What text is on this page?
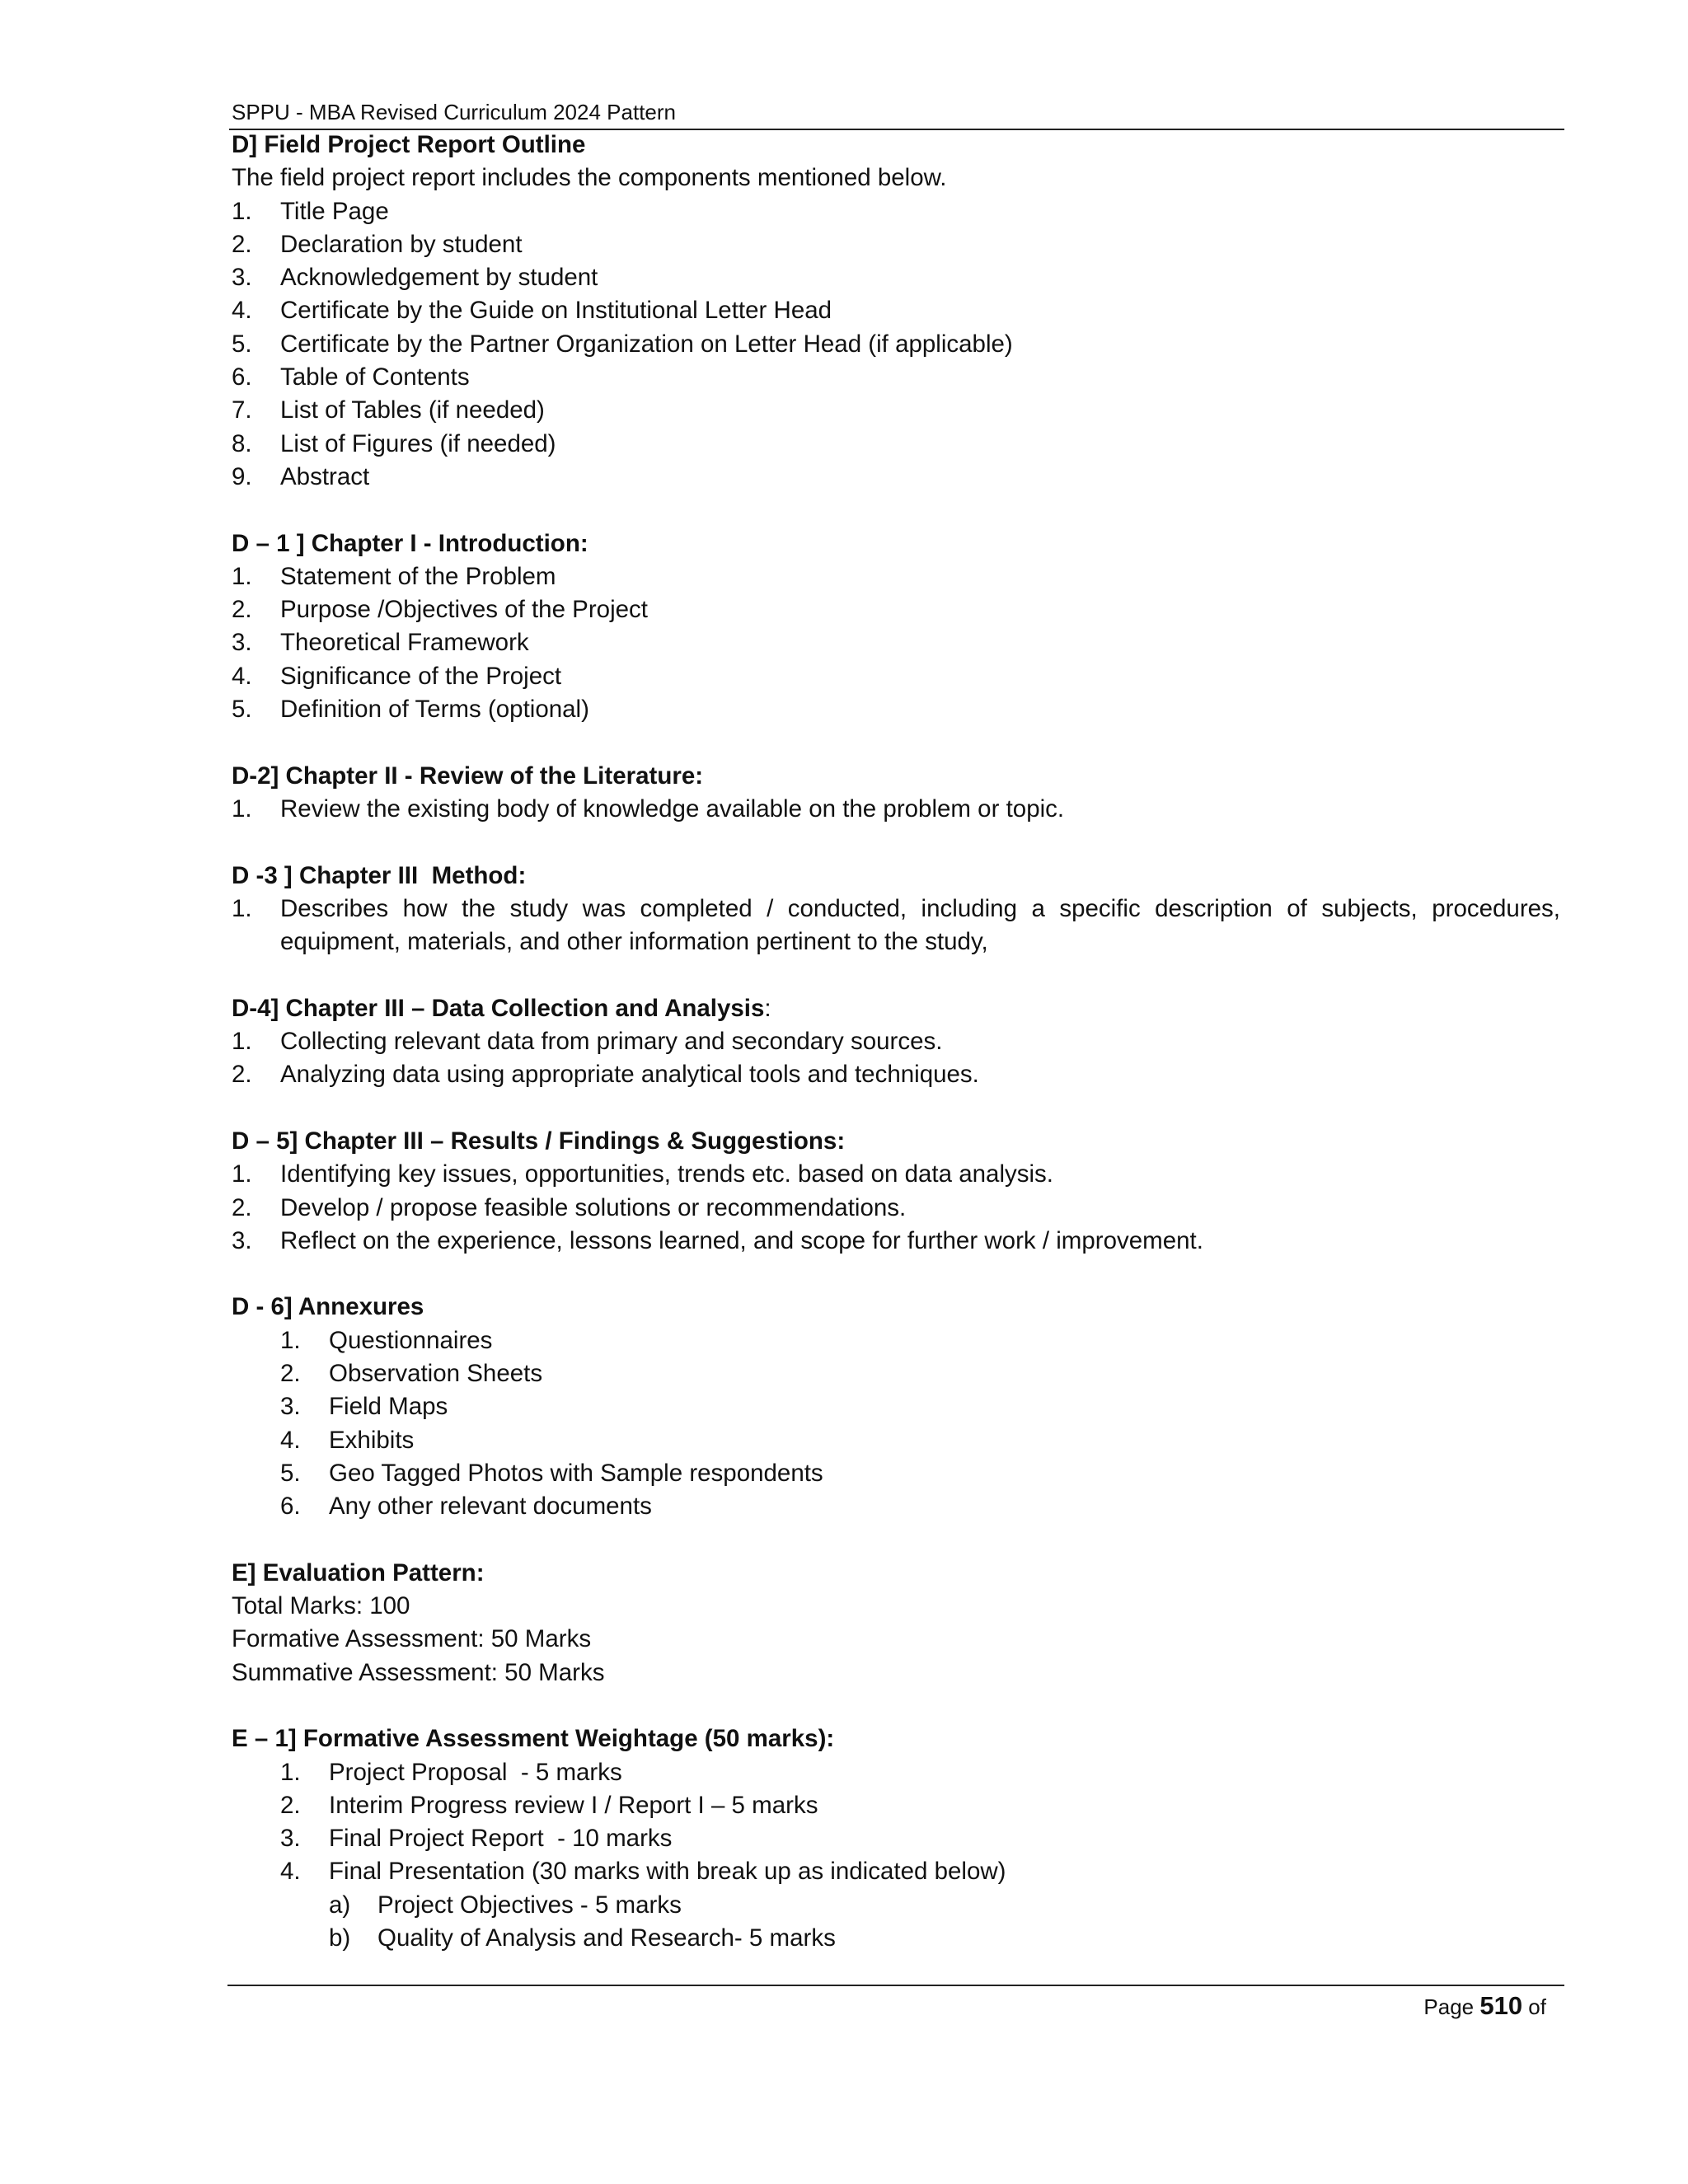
SPPU - MBA Revised Curriculum 2024 Pattern
D] Field Project Report Outline
The field project report includes the components mentioned below.
1. Title Page
2. Declaration by student
3. Acknowledgement by student
4. Certificate by the Guide on Institutional Letter Head
5. Certificate by the Partner Organization on Letter Head (if applicable)
6. Table of Contents
7. List of Tables (if needed)
8. List of Figures (if needed)
9. Abstract
D – 1 ] Chapter I - Introduction:
1. Statement of the Problem
2. Purpose /Objectives of the Project
3. Theoretical Framework
4. Significance of the Project
5. Definition of Terms (optional)
D-2] Chapter II - Review of the Literature:
1. Review the existing body of knowledge available on the problem or topic.
D -3 ] Chapter III  Method:
1. Describes how the study was completed / conducted, including a specific description of subjects, procedures, equipment, materials, and other information pertinent to the study,
D-4] Chapter III – Data Collection and Analysis:
1. Collecting relevant data from primary and secondary sources.
2. Analyzing data using appropriate analytical tools and techniques.
D – 5] Chapter III – Results / Findings & Suggestions:
1. Identifying key issues, opportunities, trends etc. based on data analysis.
2. Develop / propose feasible solutions or recommendations.
3. Reflect on the experience, lessons learned, and scope for further work / improvement.
D - 6] Annexures
1. Questionnaires
2. Observation Sheets
3. Field Maps
4. Exhibits
5. Geo Tagged Photos with Sample respondents
6. Any other relevant documents
E] Evaluation Pattern:
Total Marks: 100
Formative Assessment: 50 Marks
Summative Assessment: 50 Marks
E – 1] Formative Assessment Weightage (50 marks):
1. Project Proposal  - 5 marks
2. Interim Progress review I / Report I – 5 marks
3. Final Project Report  - 10 marks
4. Final Presentation (30 marks with break up as indicated below)
a) Project Objectives - 5 marks
b) Quality of Analysis and Research- 5 marks
Page 510 of
